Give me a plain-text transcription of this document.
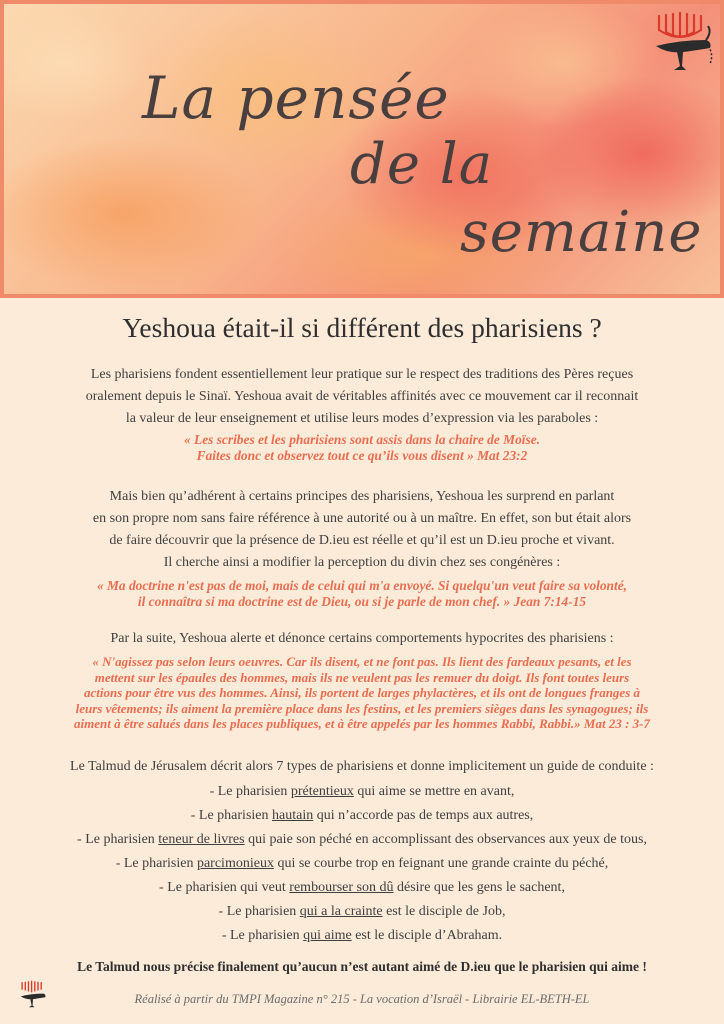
La pensée
de la
semaine
Yeshoua était-il si différent des pharisiens ?
Les pharisiens fondent essentiellement leur pratique sur le respect des traditions des Pères reçues
oralement depuis le Sinaï. Yeshoua avait de véritables affinités avec ce mouvement car il reconnait
la valeur de leur enseignement et utilise leurs modes d’expression via les paraboles :
« Les scribes et les pharisiens sont assis dans la chaire de Moïse.
Faites donc et observez tout ce qu’ils vous disent » Mat 23:2
Mais bien qu’adhérent à certains principes des pharisiens, Yeshoua les surprend en parlant
en son propre nom sans faire référence à une autorité ou à un maître. En effet, son but était alors
de faire découvrir que la présence de D.ieu est réelle et qu’il est un D.ieu proche et vivant.
Il cherche ainsi a modifier la perception du divin chez ses congénères :
« Ma doctrine n'est pas de moi, mais de celui qui m'a envoyé. Si quelqu'un veut faire sa volonté,
il connaîtra si ma doctrine est de Dieu, ou si je parle de mon chef. » Jean 7:14-15
Par la suite, Yeshoua alerte et dénonce certains comportements hypocrites des pharisiens :
« N'agissez pas selon leurs oeuvres. Car ils disent, et ne font pas. Ils lient des fardeaux pesants, et les
mettent sur les épaules des hommes, mais ils ne veulent pas les remuer du doigt. Ils font toutes leurs
actions pour être vus des hommes. Ainsi, ils portent de larges phylactères, et ils ont de longues franges à
leurs vêtements; ils aiment la première place dans les festins, et les premiers sièges dans les synagogues; ils
aiment à être salués dans les places publiques, et à être appelés par les hommes Rabbi, Rabbi.» Mat 23 : 3-7
Le Talmud de Jérusalem décrit alors 7 types de pharisiens et donne implicitement un guide de conduite :
- Le pharisien prétentieux qui aime se mettre en avant,
- Le pharisien hautain qui n’accorde pas de temps aux autres,
- Le pharisien teneur de livres qui paie son péché en accomplissant des observances aux yeux de tous,
- Le pharisien parcimonieux qui se courbe trop en feignant une grande crainte du péché,
- Le pharisien qui veut rembourser son dû désire que les gens le sachent,
- Le pharisien qui a la crainte est le disciple de Job,
- Le pharisien qui aime est le disciple d’Abraham.
Le Talmud nous précise finalement qu’aucun n’est autant aimé de D.ieu que le pharisien qui aime !
Réalisé à partir du TMPI Magazine n° 215 - La vocation d’Israël - Librairie EL-BETH-EL
